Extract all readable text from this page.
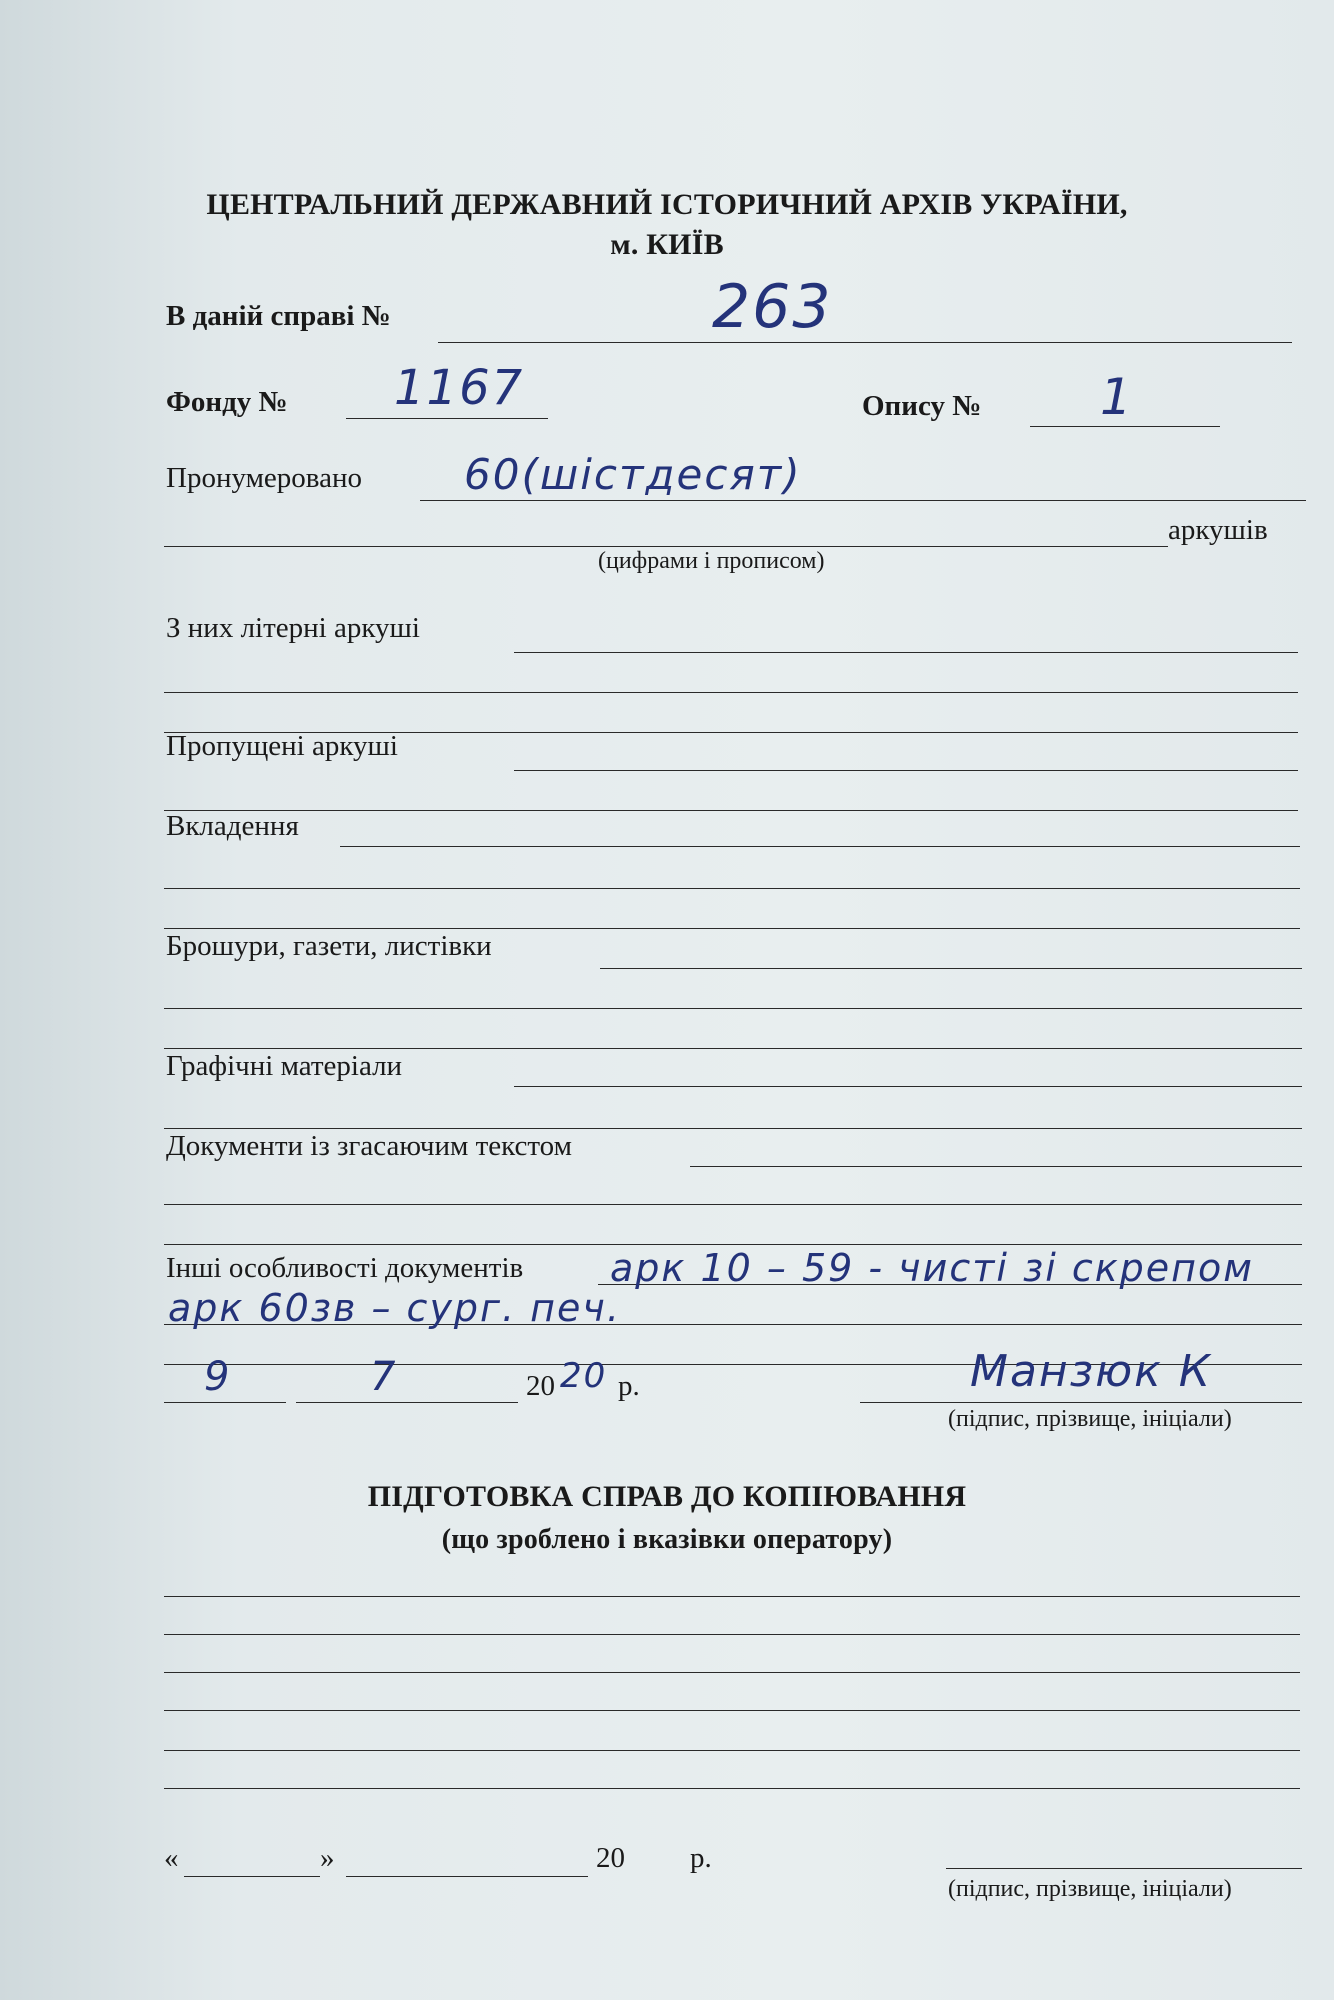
ЦЕНТРАЛЬНИЙ ДЕРЖАВНИЙ ІСТОРИЧНИЙ АРХІВ УКРАЇНИ,
м. КИЇВ
В даній справі №	263
Фонду № 1167	Опису № 1
Пронумеровано 60(шістдесят)
аркушів
(цифрами і прописом)
З них літерні аркуші
Пропущені аркуші
Вкладення
Брошури, газети, листівки
Графічні матеріали
Документи із згасаючим текстом
Інші особливості документів арк 10 – 59 - чисті зі скрепом
арк 60зв – сург. печ.
9	7	20 20 р.	Манзюк К
(підпис, прізвище, ініціали)
ПІДГОТОВКА СПРАВ ДО КОПІЮВАННЯ
(що зроблено і вказівки оператору)
«	»	20 р.
(підпис, прізвище, ініціали)
